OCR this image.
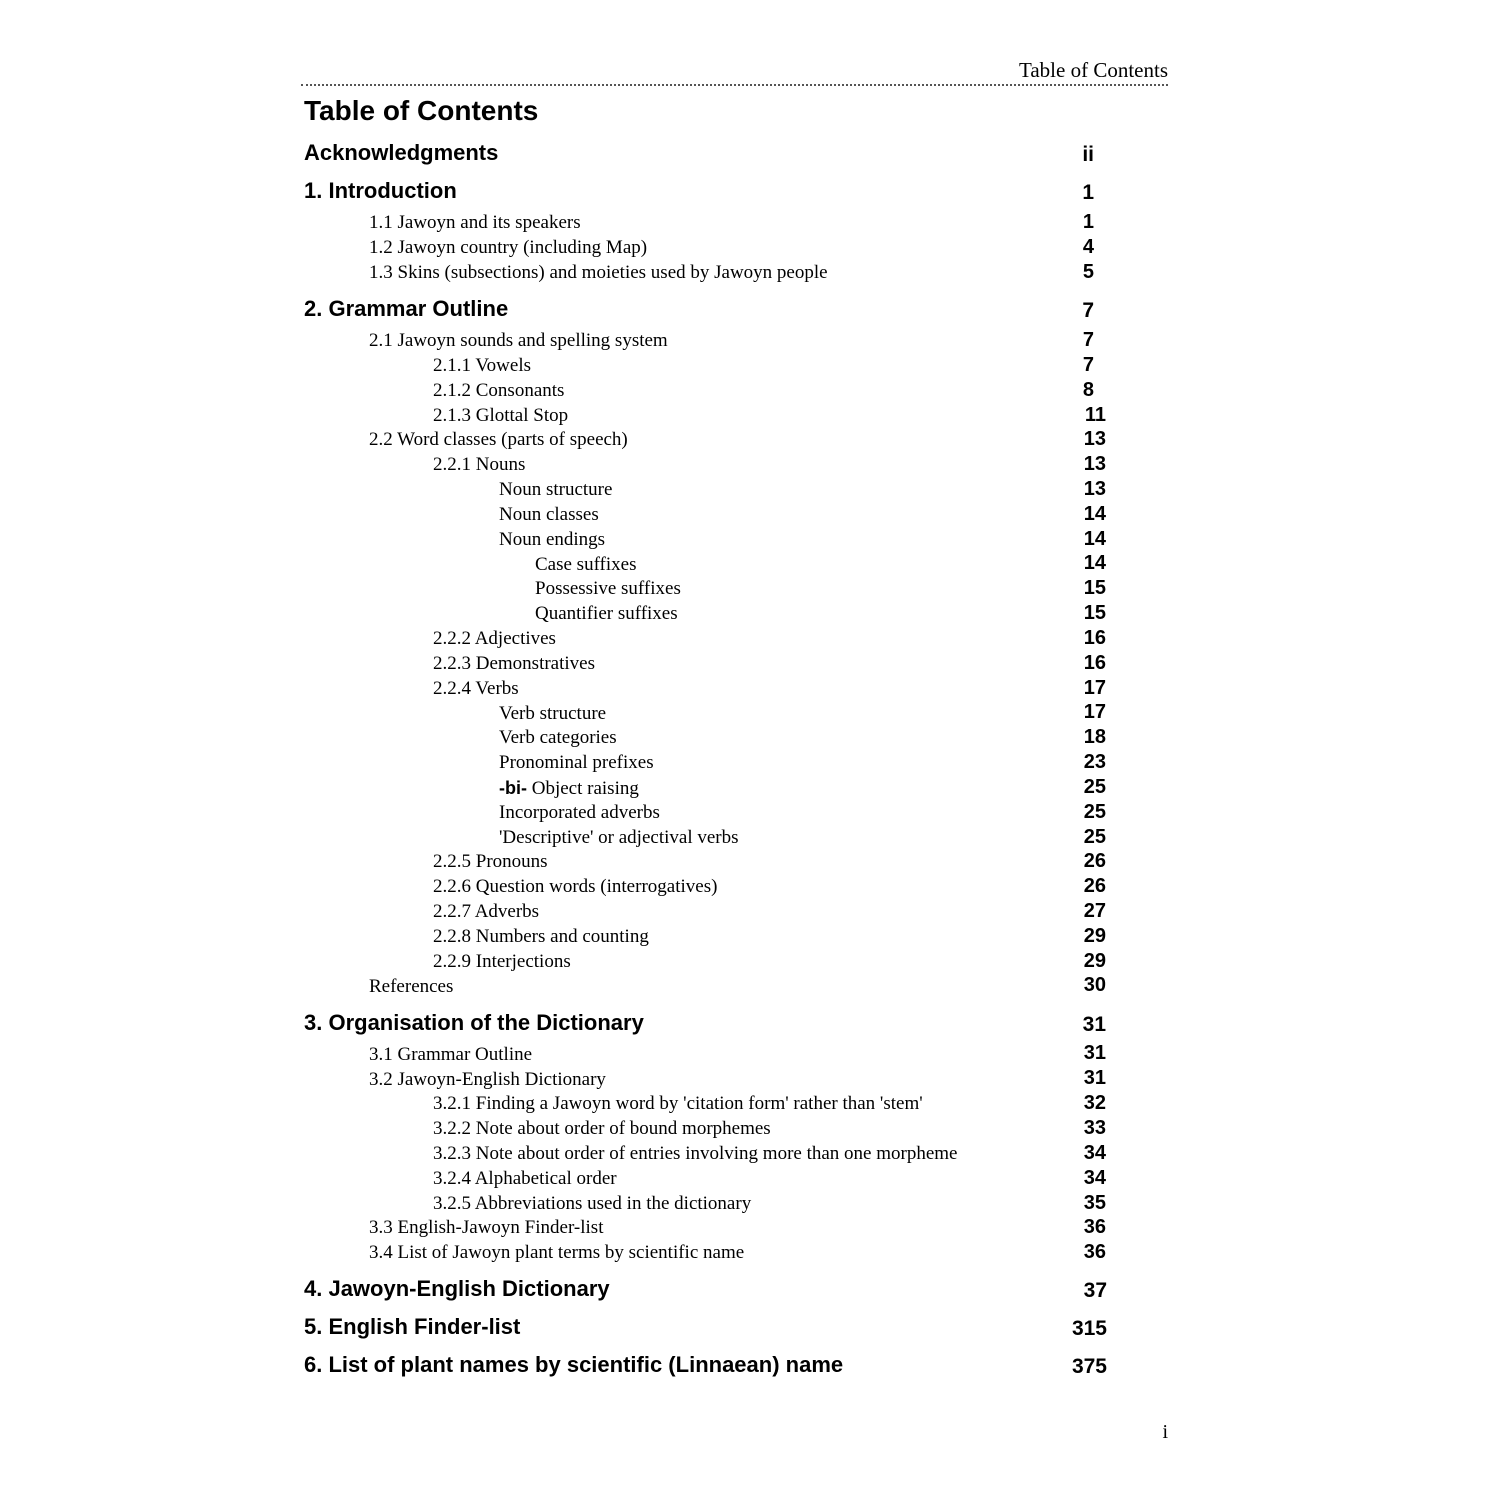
Table of Contents
Table of Contents
Acknowledgments	ii
1. Introduction	1
1.1 Jawoyn and its speakers	1
1.2 Jawoyn country (including Map)	4
1.3 Skins (subsections) and moieties used by Jawoyn people	5
2. Grammar Outline	7
2.1 Jawoyn sounds and spelling system	7
2.1.1 Vowels	7
2.1.2 Consonants	8
2.1.3 Glottal Stop	11
2.2 Word classes (parts of speech)	13
2.2.1 Nouns	13
Noun structure	13
Noun classes	14
Noun endings	14
Case suffixes	14
Possessive suffixes	15
Quantifier suffixes	15
2.2.2 Adjectives	16
2.2.3 Demonstratives	16
2.2.4 Verbs	17
Verb structure	17
Verb categories	18
Pronominal prefixes	23
-bi- Object raising	25
Incorporated adverbs	25
'Descriptive' or adjectival verbs	25
2.2.5 Pronouns	26
2.2.6 Question words (interrogatives)	26
2.2.7 Adverbs	27
2.2.8 Numbers and counting	29
2.2.9 Interjections	29
References	30
3. Organisation of the Dictionary	31
3.1 Grammar Outline	31
3.2 Jawoyn-English Dictionary	31
3.2.1 Finding a Jawoyn word by 'citation form' rather than 'stem'	32
3.2.2 Note about order of bound morphemes	33
3.2.3 Note about order of entries involving more than one morpheme	34
3.2.4 Alphabetical order	34
3.2.5 Abbreviations used in the dictionary	35
3.3 English-Jawoyn Finder-list	36
3.4 List of Jawoyn plant terms by scientific name	36
4. Jawoyn-English Dictionary	37
5. English Finder-list	315
6. List of plant names by scientific (Linnaean) name	375
i
